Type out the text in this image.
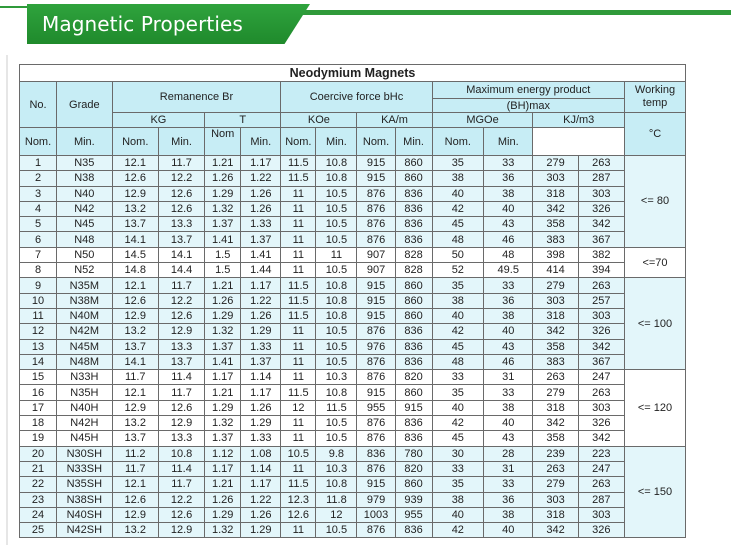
Magnetic Properties
Neodymium Magnets														
No.	Grade	Remanence Br				Coercive force bHc				Maximum energy product				Working temp
										(BH)max				
		KG		T		KOe		KA/m		MGOe		KJ/m3		°C
Nom.	Min.	Nom.	Min.	Nom	Min.	Nom.	Min.	Nom.	Min.	Nom.	Min.			
1	N35	12.1	11.7	1.21	1.17	11.5	10.8	915	860	35	33	279	263	<= 80
2	N38	12.6	12.2	1.26	1.22	11.5	10.8	915	860	38	36	303	287	
3	N40	12.9	12.6	1.29	1.26	11	10.5	876	836	40	38	318	303	
4	N42	13.2	12.6	1.32	1.26	11	10.5	876	836	42	40	342	326	
5	N45	13.7	13.3	1.37	1.33	11	10.5	876	836	45	43	358	342	
6	N48	14.1	13.7	1.41	1.37	11	10.5	876	836	48	46	383	367	
7	N50	14.5	14.1	1.5	1.41	11	11	907	828	50	48	398	382	<=70
8	N52	14.8	14.4	1.5	1.44	11	10.5	907	828	52	49.5	414	394	
9	N35M	12.1	11.7	1.21	1.17	11.5	10.8	915	860	35	33	279	263	<= 100
10	N38M	12.6	12.2	1.26	1.22	11.5	10.8	915	860	38	36	303	257	
11	N40M	12.9	12.6	1.29	1.26	11.5	10.8	915	860	40	38	318	303	
12	N42M	13.2	12.9	1.32	1.29	11	10.5	876	836	42	40	342	326	
13	N45M	13.7	13.3	1.37	1.33	11	10.5	976	836	45	43	358	342	
14	N48M	14.1	13.7	1.41	1.37	11	10.5	876	836	48	46	383	367	
15	N33H	11.7	11.4	1.17	1.14	11	10.3	876	820	33	31	263	247	<= 120
16	N35H	12.1	11.7	1.21	1.17	11.5	10.8	915	860	35	33	279	263	
17	N40H	12.9	12.6	1.29	1.26	12	11.5	955	915	40	38	318	303	
18	N42H	13.2	12.9	1.32	1.29	11	10.5	876	836	42	40	342	326	
19	N45H	13.7	13.3	1.37	1.33	11	10.5	876	836	45	43	358	342	
20	N30SH	11.2	10.8	1.12	1.08	10.5	9.8	836	780	30	28	239	223	<= 150
21	N33SH	11.7	11.4	1.17	1.14	11	10.3	876	820	33	31	263	247	
22	N35SH	12.1	11.7	1.21	1.17	11.5	10.8	915	860	35	33	279	263	
23	N38SH	12.6	12.2	1.26	1.22	12.3	11.8	979	939	38	36	303	287	
24	N40SH	12.9	12.6	1.29	1.26	12.6	12	1003	955	40	38	318	303	
25	N42SH	13.2	12.9	1.32	1.29	11	10.5	876	836	42	40	342	326	
